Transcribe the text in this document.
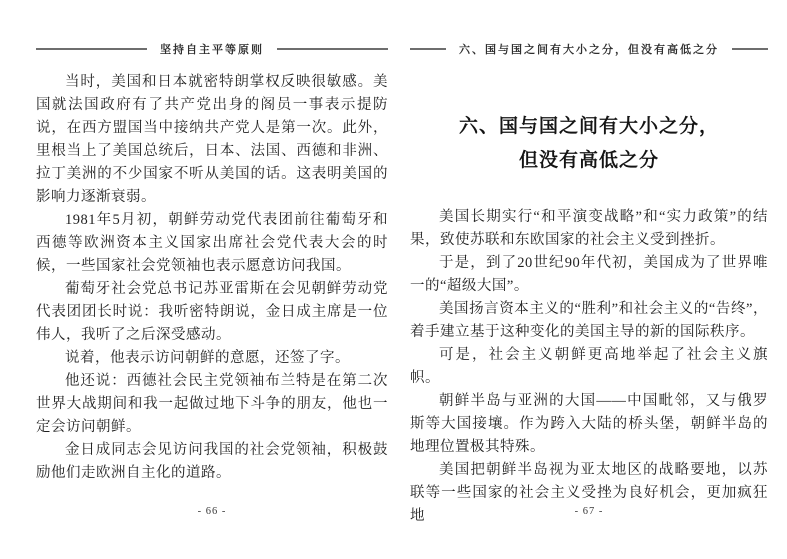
坚持自主平等原则

当时，美国和日本就密特朗掌权反映很敏感。美国就法国政府有了共产党出身的阁员一事表示提防说，在西方盟国当中接纳共产党人是第一次。此外，里根当上了美国总统后，日本、法国、西德和非洲、拉丁美洲的不少国家不听从美国的话。这表明美国的影响力逐渐衰弱。

1981年5月初，朝鲜劳动党代表团前往葡萄牙和西德等欧洲资本主义国家出席社会党代表大会的时候，一些国家社会党领袖也表示愿意访问我国。

葡萄牙社会党总书记苏亚雷斯在会见朝鲜劳动党代表团团长时说：我听密特朗说，金日成主席是一位伟人，我听了之后深受感动。

说着，他表示访问朝鲜的意愿，还签了字。

他还说：西德社会民主党领袖布兰特是在第二次世界大战期间和我一起做过地下斗争的朋友，他也一定会访问朝鲜。

金日成同志会见访问我国的社会党领袖，积极鼓励他们走欧洲自主化的道路。

- 66 -
六、国与国之间有大小之分，但没有高低之分
六、国与国之间有大小之分，
但没有高低之分

美国长期实行“和平演变战略”和“实力政策”的结果，致使苏联和东欧国家的社会主义受到挫折。

于是，到了20世纪90年代初，美国成为了世界唯一的“超级大国”。

美国扬言资本主义的“胜利”和社会主义的“告终”，着手建立基于这种变化的美国主导的新的国际秩序。

可是，社会主义朝鲜更高地举起了社会主义旗帜。

朝鲜半岛与亚洲的大国——中国毗邻，又与俄罗斯等大国接壤。作为跨入大陆的桥头堡，朝鲜半岛的地理位置极其特殊。

美国把朝鲜半岛视为亚太地区的战略要地，以苏联等一些国家的社会主义受挫为良好机会，更加疯狂地	- 67 -
